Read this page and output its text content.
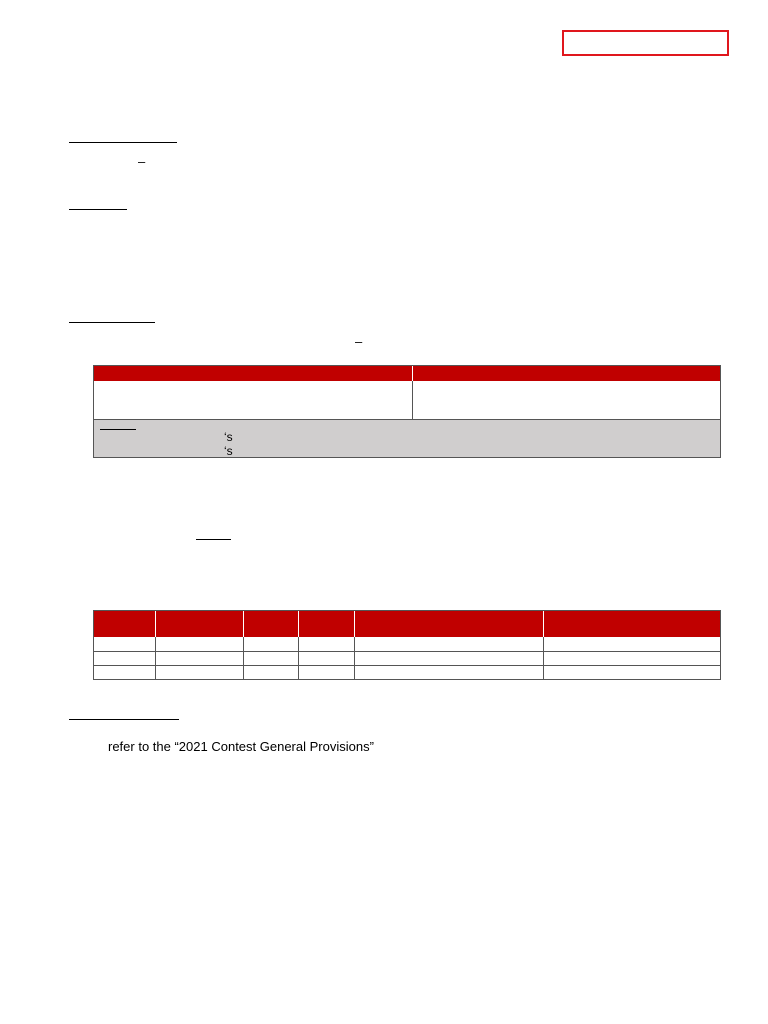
–
–
‘s
‘s
refer to the “2021 Contest General Provisions”
